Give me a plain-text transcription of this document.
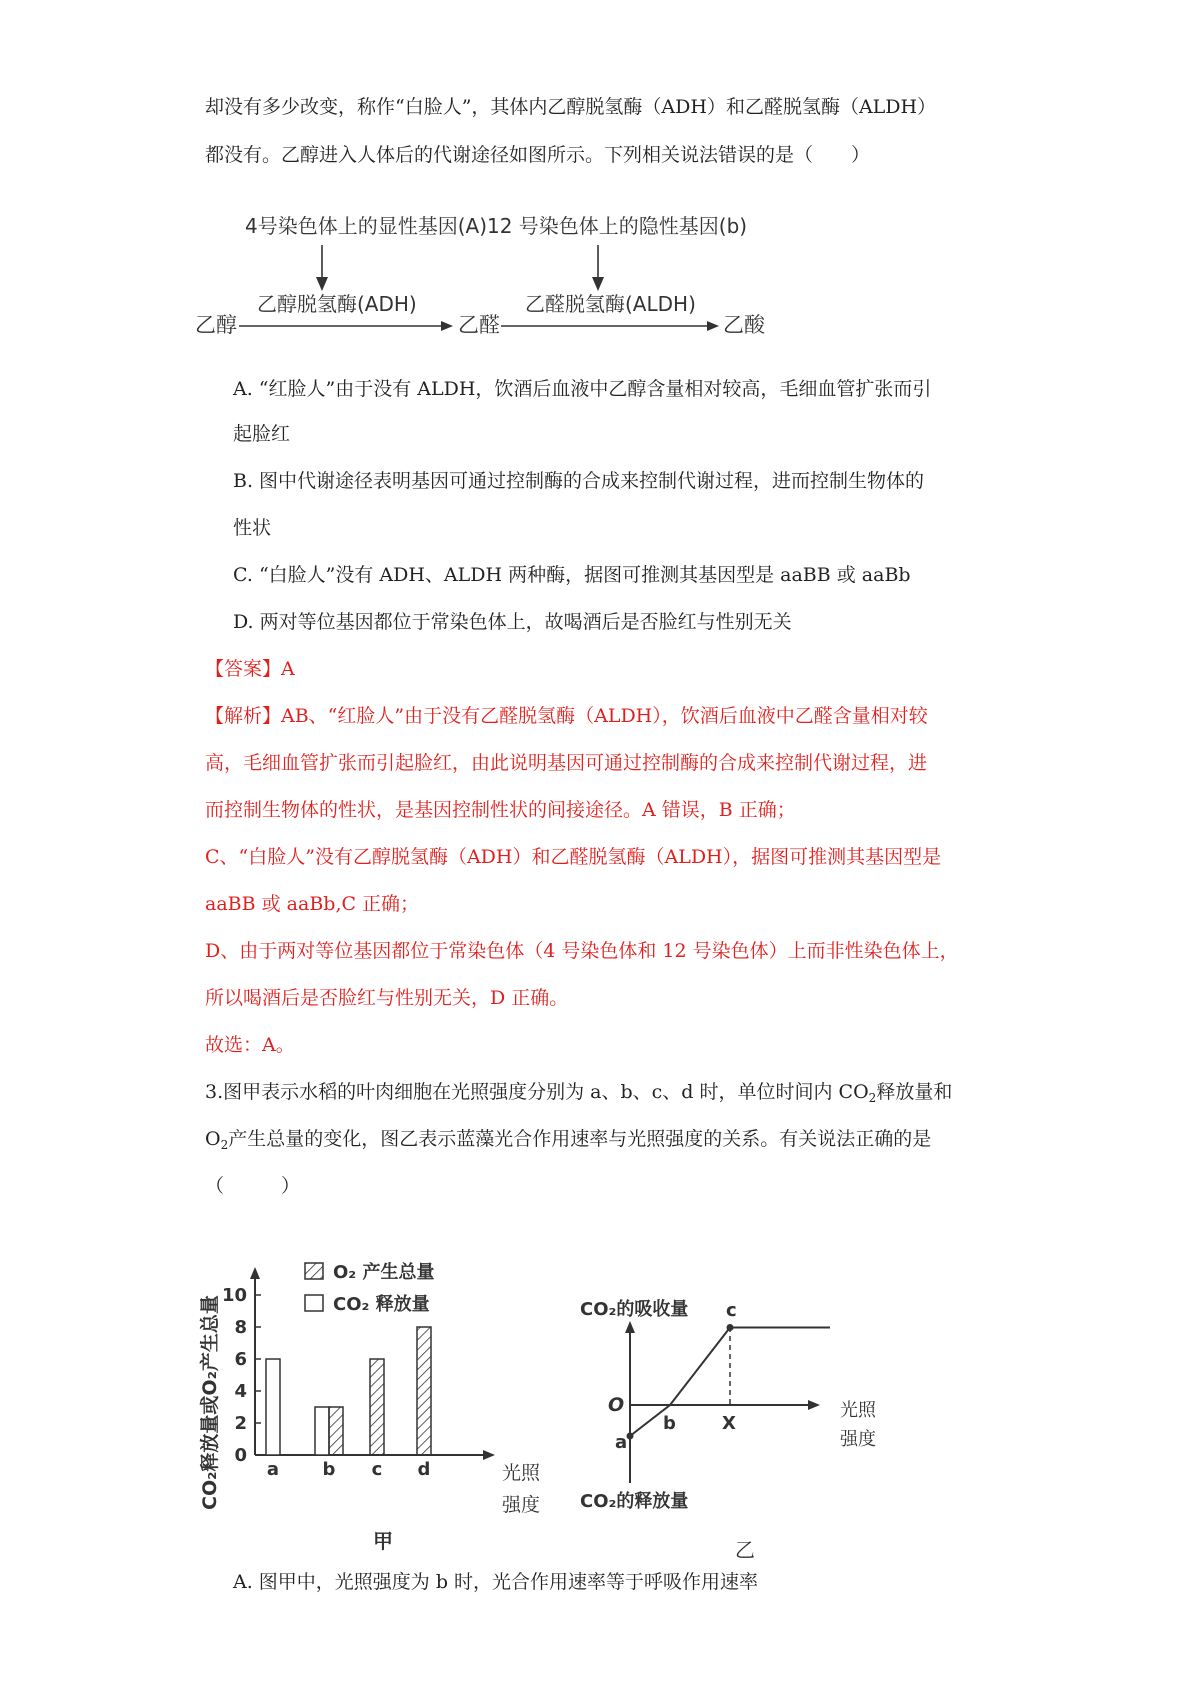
却没有多少改变，称作“白脸人”，其体内乙醇脱氢酶（ADH）和乙醛脱氢酶（ALDH）
都没有。乙醇进入人体后的代谢途径如图所示。下列相关说法错误的是（　　）
4号染色体上的显性基因(A) 12 号染色体上的隐性基因(b)
乙醇脱氢酶(ADH)	乙醛脱氢酶(ALDH)
乙醇	乙醛	乙酸
A. “红脸人”由于没有 ALDH，饮酒后血液中乙醇含量相对较高，毛细血管扩张而引
起脸红
B. 图中代谢途径表明基因可通过控制酶的合成来控制代谢过程，进而控制生物体的
性状
C. “白脸人”没有 ADH、ALDH 两种酶，据图可推测其基因型是 aaBB 或 aaBb
D. 两对等位基因都位于常染色体上，故喝酒后是否脸红与性别无关
【答案】A
【解析】AB、“红脸人”由于没有乙醛脱氢酶（ALDH），饮酒后血液中乙醛含量相对较
高，毛细血管扩张而引起脸红，由此说明基因可通过控制酶的合成来控制代谢过程，进
而控制生物体的性状，是基因控制性状的间接途径。A 错误，B 正确；
C、“白脸人”没有乙醇脱氢酶（ADH）和乙醛脱氢酶（ALDH），据图可推测其基因型是
aaBB 或 aaBb,C 正确；
D、由于两对等位基因都位于常染色体（4 号染色体和 12 号染色体）上而非性染色体上，
所以喝酒后是否脸红与性别无关，D 正确。
故选：A。
3.图甲表示水稻的叶肉细胞在光照强度分别为 a、b、c、d 时，单位时间内 $CO_2$释放量和
$O_2$产生总量的变化，图乙表示蓝藻光合作用速率与光照强度的关系。有关说法正确的是
（　　　）
0
2
4
6
8
10
a b c d
CO₂释放量或O₂产生总量	光照
强度
O₂ 产生总量
CO₂ 释放量
甲
CO₂的吸收量
O
a
b
c
X
光照
强度
CO₂的释放量
乙
A. 图甲中，光照强度为 b 时，光合作用速率等于呼吸作用速率
